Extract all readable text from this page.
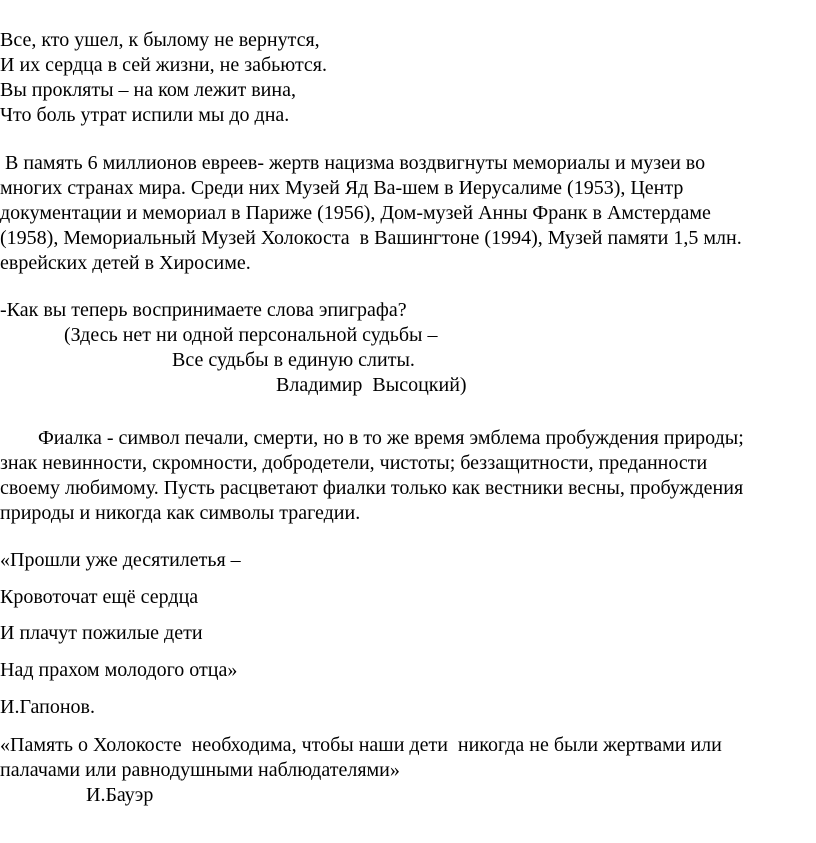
Все, кто ушел, к былому не вернутся,

И их сердца в сей жизни, не забьются.

Вы прокляты – на ком лежит вина,

Что боль утрат испили мы до дна.

В память 6 миллионов евреев- жертв нацизма воздвигнуты мемориалы и музеи во

многих странах мира. Среди них Музей Яд Ва-шем в Иерусалиме (1953), Центр

документации и мемориал в Париже (1956), Дом-музей Анны Франк в Амстердаме

(1958), Мемориальный Музей Холокоста  в Вашингтоне (1994), Музей памяти 1,5 млн.

еврейских детей в Хиросиме.

-Как вы теперь воспринимаете слова эпиграфа?

(Здесь нет ни одной персональной судьбы –

Все судьбы в единую слиты.

Владимир  Высоцкий)

Фиалка - символ печали, смерти, но в то же время эмблема пробуждения природы;

знак невинности, скромности, добродетели, чистоты; беззащитности, преданности

своему любимому. Пусть расцветают фиалки только как вестники весны, пробуждения

природы и никогда как символы трагедии.

«Прошли уже десятилетья –

Кровоточат ещё сердца

И плачут пожилые дети

Над прахом молодого отца»

И.Гапонов.

«Память о Холокосте  необходима, чтобы наши дети  никогда не были жертвами или

палачами или равнодушными наблюдателями»

И.Бауэр
